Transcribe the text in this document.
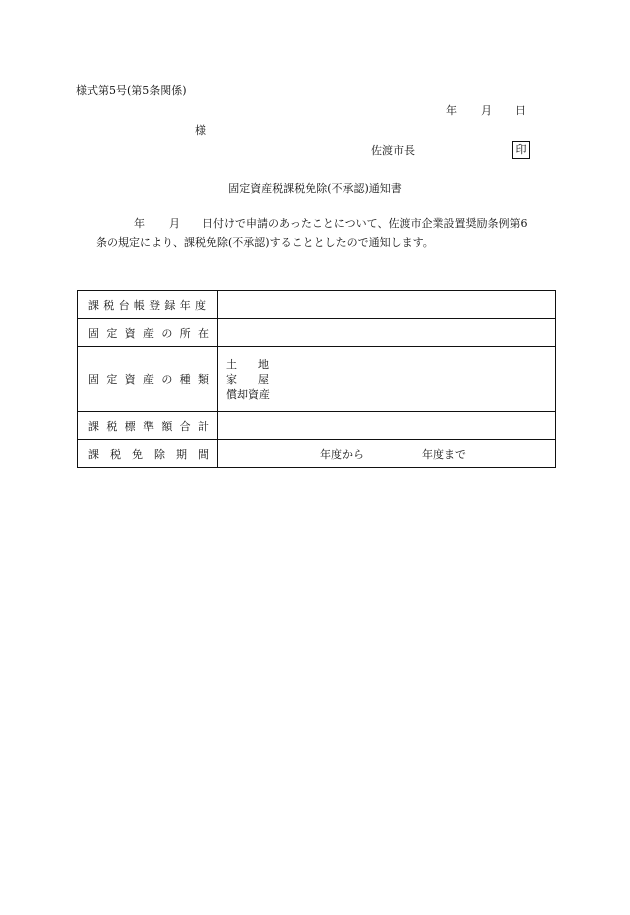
様式第5号(第5条関係)
年 月 日
様
佐渡市長	印
固定資産税課税免除(不承認)通知書
年 月 日付けで申請のあったことについて、佐渡市企業設置奨励条例第6
条の規定により、課税免除(不承認)することとしたので通知します。
課税台帳登録年度	
固定資産の所在	
固定資産の種類	土 地
家 屋
償却資産

課税標準額合計	
課税免除期間	年度から 年度まで
